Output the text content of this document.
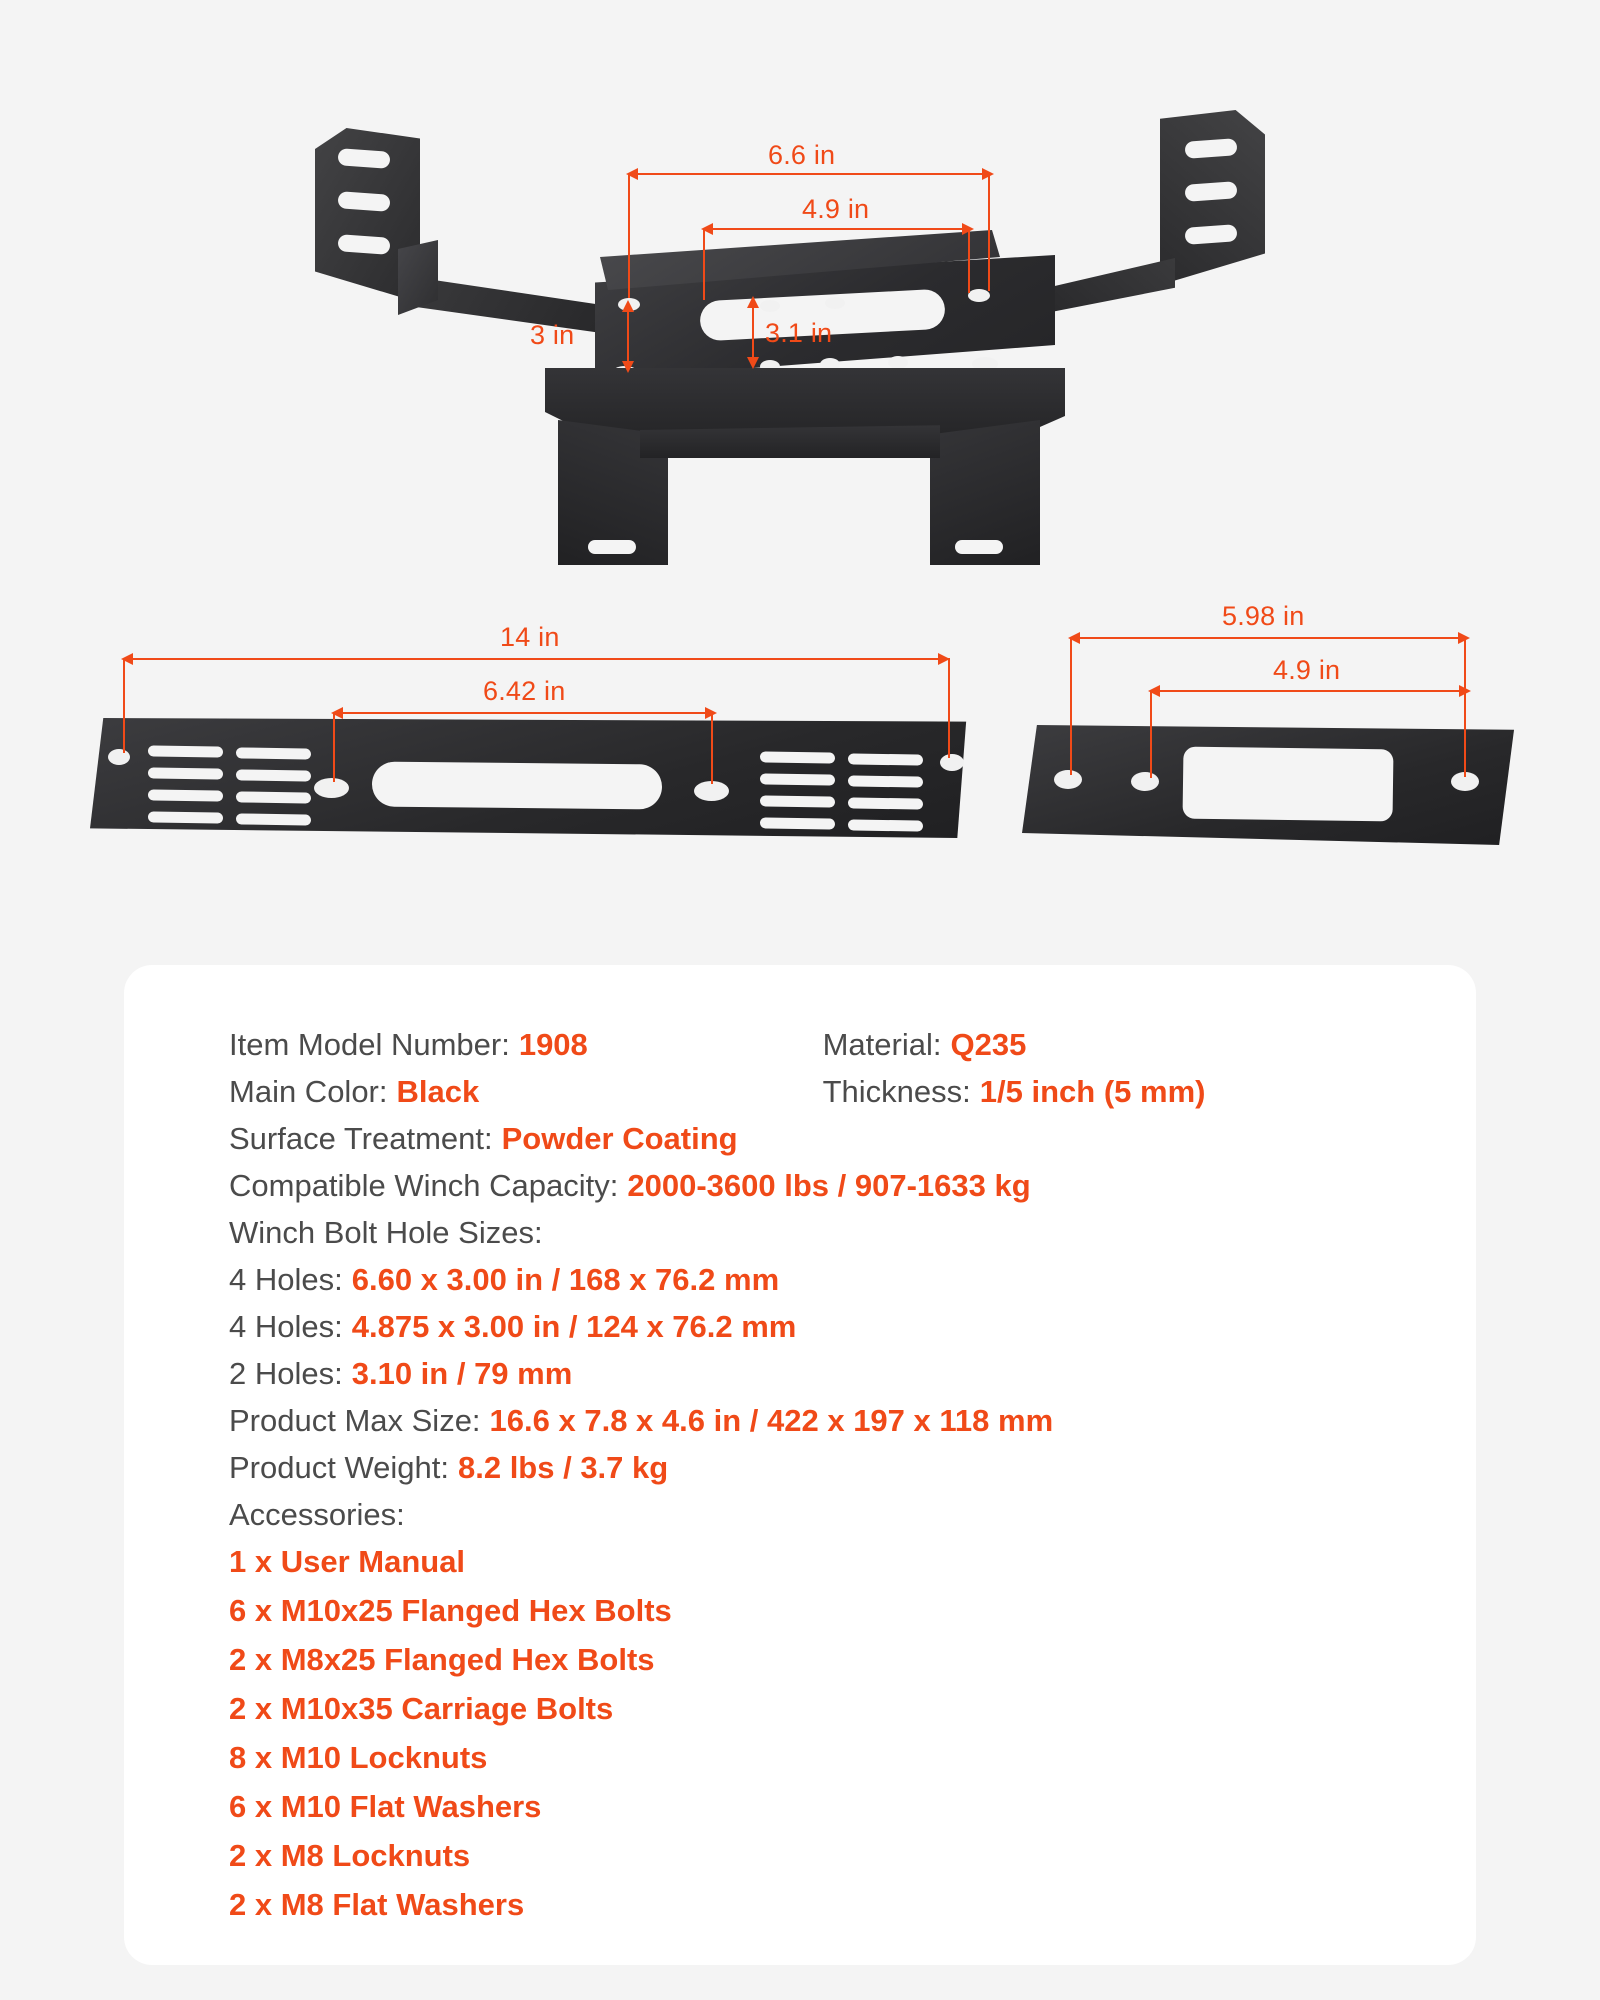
6.6 in
4.9 in
3 in	3.1 in
14 in
6.42 in
5.98 in
4.9 in
Item Model Number: 1908	Material: Q235
Main Color: Black	Thickness: 1/5 inch (5 mm)
Surface Treatment: Powder Coating
Compatible Winch Capacity: 2000-3600 lbs / 907-1633 kg
Winch Bolt Hole Sizes:
4 Holes: 6.60 x 3.00 in / 168 x 76.2 mm
4 Holes: 4.875 x 3.00 in / 124 x 76.2 mm
2 Holes: 3.10 in / 79 mm
Product Max Size: 16.6 x 7.8 x 4.6 in / 422 x 197 x 118 mm
Product Weight: 8.2 lbs / 3.7 kg
Accessories:
1 x User Manual
6 x M10x25 Flanged Hex Bolts
2 x M8x25 Flanged Hex Bolts
2 x M10x35 Carriage Bolts
8 x M10 Locknuts
6 x M10 Flat Washers
2 x M8 Locknuts
2 x M8 Flat Washers
